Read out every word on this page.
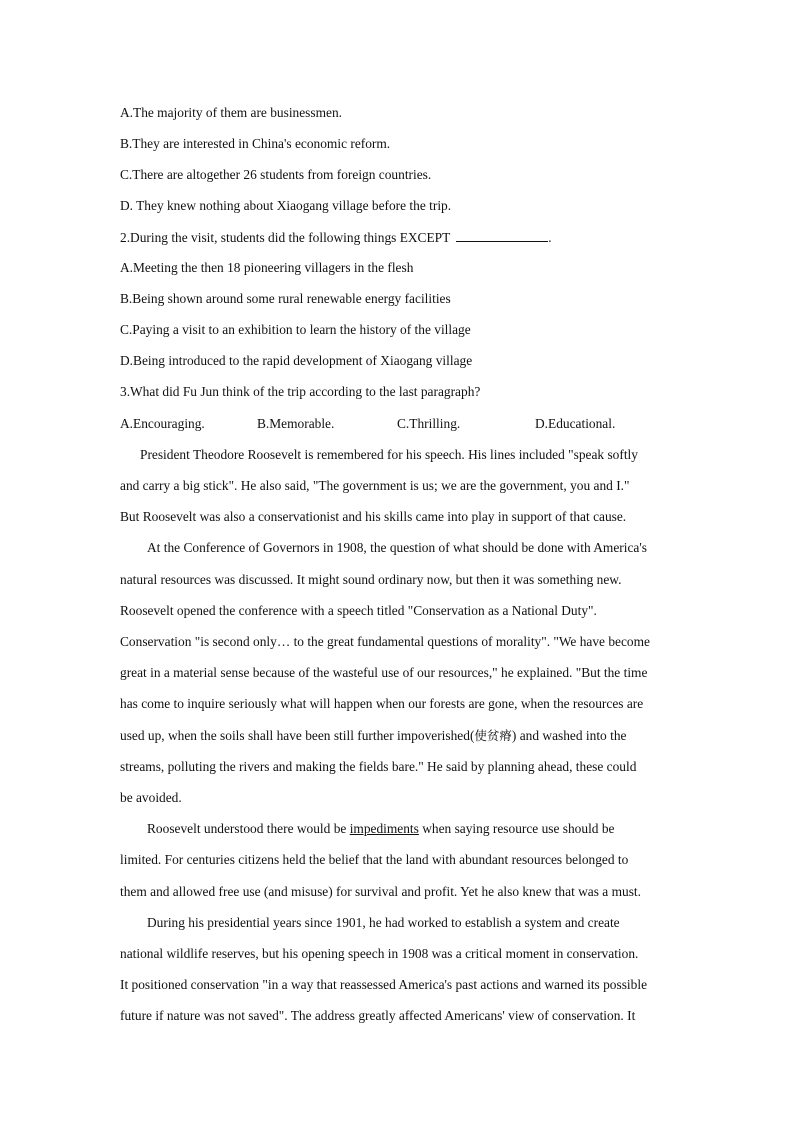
A.The majority of them are businessmen.
B.They are interested in China's economic reform.
C.There are altogether 26 students from foreign countries.
D. They knew nothing about Xiaogang village before the trip.
2.During the visit, students did the following things EXCEPT	.
A.Meeting the then 18 pioneering villagers in the flesh
B.Being shown around some rural renewable energy facilities
C.Paying a visit to an exhibition to learn the history of the village
D.Being introduced to the rapid development of Xiaogang village
3.What did Fu Jun think of the trip according to the last paragraph?
A.Encouraging.	B.Memorable.	C.Thrilling.	D.Educational.
President Theodore Roosevelt is remembered for his speech. His lines included "speak softly
and carry a big stick". He also said, "The government is us; we are the government, you and I."
But Roosevelt was also a conservationist and his skills came into play in support of that cause.
At the Conference of Governors in 1908, the question of what should be done with America's
natural resources was discussed. It might sound ordinary now, but then it was something new.
Roosevelt opened the conference with a speech titled "Conservation as a National Duty".
Conservation "is second only… to the great fundamental questions of morality". "We have become
great in a material sense because of the wasteful use of our resources," he explained. "But the time
has come to inquire seriously what will happen when our forests are gone, when the resources are
used up, when the soils shall have been still further impoverished(使贫瘠) and washed into the
streams, polluting the rivers and making the fields bare." He said by planning ahead, these could
be avoided.
Roosevelt understood there would be impediments when saying resource use should be
limited. For centuries citizens held the belief that the land with abundant resources belonged to
them and allowed free use (and misuse) for survival and profit. Yet he also knew that was a must.
During his presidential years since 1901, he had worked to establish a system and create
national wildlife reserves, but his opening speech in 1908 was a critical moment in conservation.
It positioned conservation "in a way that reassessed America's past actions and warned its possible
future if nature was not saved". The address greatly affected Americans' view of conservation. It
